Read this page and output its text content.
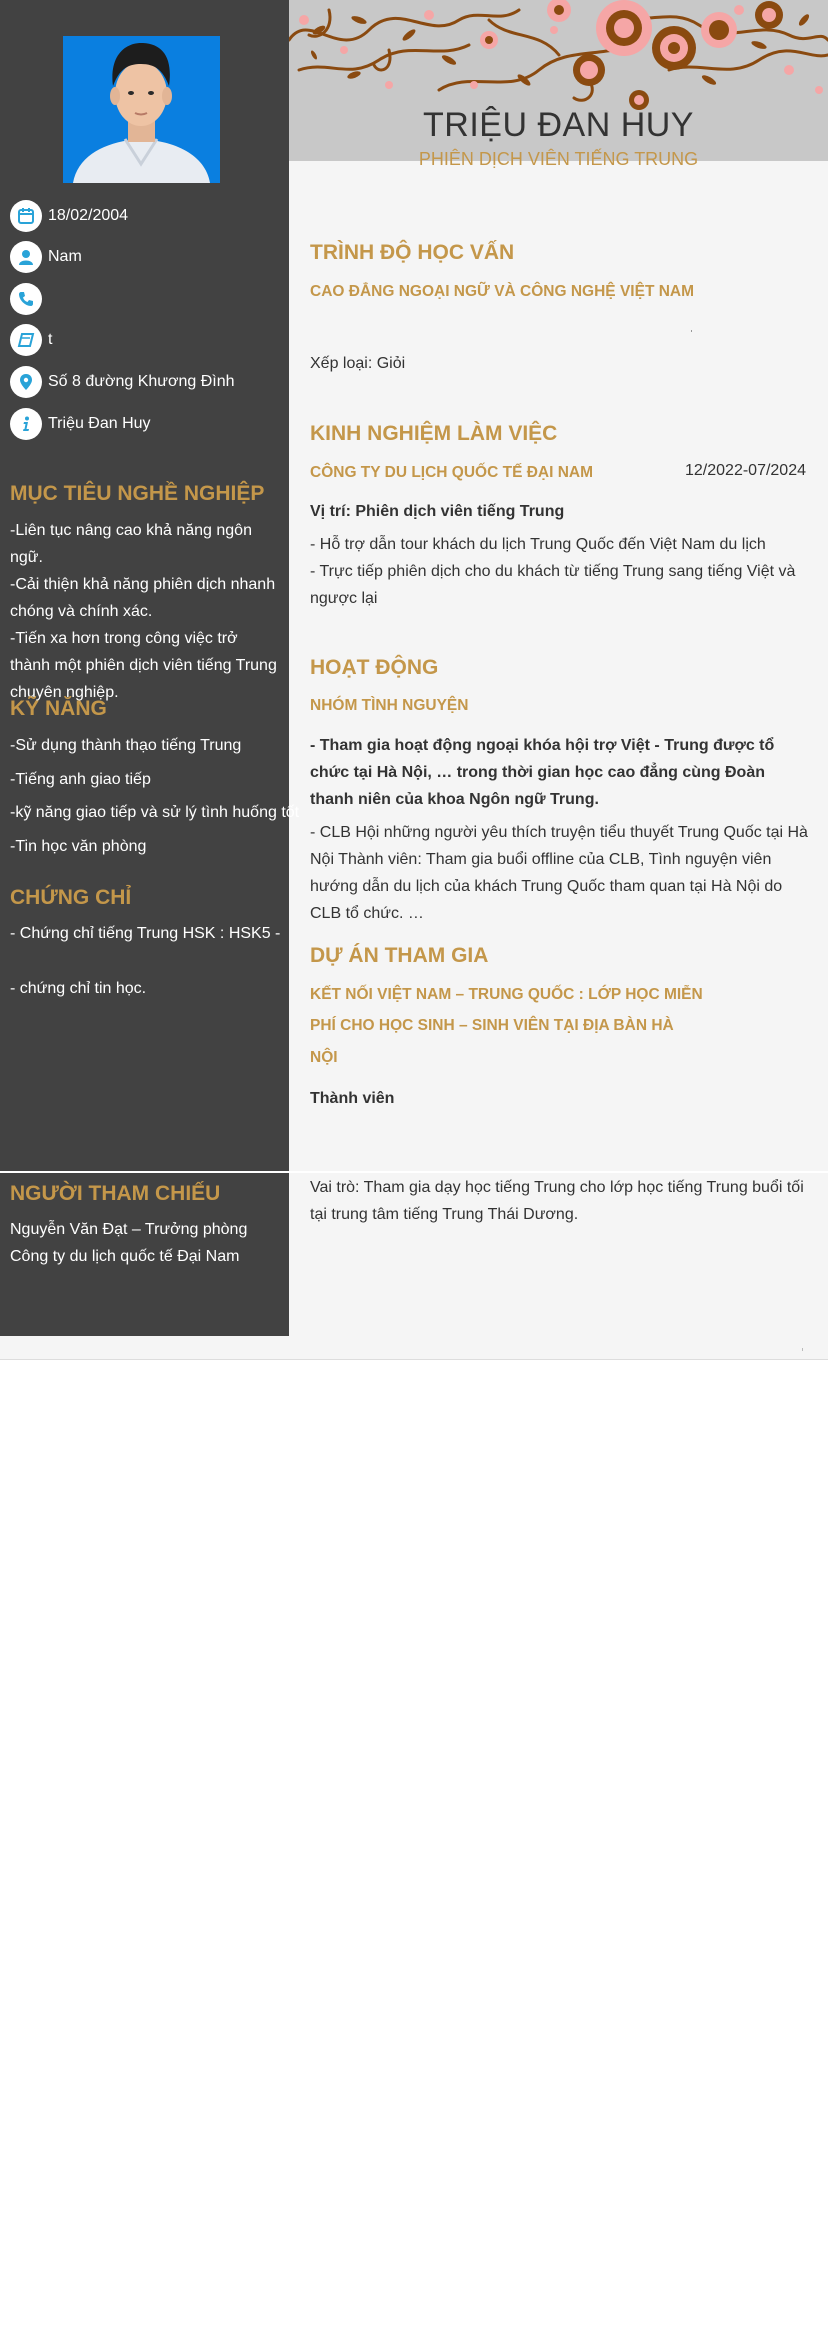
18/02/2004
Nam
t
Số 8 đường Khương Đình
Triệu Đan Huy
MỤC TIÊU NGHỀ NGHIỆP
-Liên tục nâng cao khả năng ngôn ngữ.
-Cải thiện khả năng phiên dịch nhanh chóng và chính xác.
-Tiến xa hơn trong công việc trở thành một phiên dịch viên tiếng Trung chuyên nghiệp.
KỸ NĂNG
-Sử dụng thành thạo tiếng Trung
-Tiếng anh giao tiếp
-kỹ năng giao tiếp và sử lý tình huống tốt
-Tin học văn phòng
CHỨNG CHỈ
- Chứng chỉ tiếng Trung HSK : HSK5 -
- chứng chỉ tin học.
TRIỆU ĐAN HUY
PHIÊN DỊCH VIÊN TIẾNG TRUNG
TRÌNH ĐỘ HỌC VẤN
CAO ĐẲNG NGOẠI NGỮ VÀ CÔNG NGHỆ VIỆT NAM
Xếp loại: Giỏi
KINH NGHIỆM LÀM VIỆC
CÔNG TY DU LỊCH QUỐC TẾ ĐẠI NAM	12/2022-07/2024
Vị trí: Phiên dịch viên tiếng Trung
- Hỗ trợ dẫn tour khách du lịch Trung Quốc đến Việt Nam du lịch
- Trực tiếp phiên dịch cho du khách từ tiếng Trung sang tiếng Việt và ngược lại
HOẠT ĐỘNG
NHÓM TÌNH NGUYỆN
- Tham gia hoạt động ngoại khóa hội trợ Việt - Trung được tổ chức tại Hà Nội, … trong thời gian học cao đẳng cùng Đoàn thanh niên của khoa Ngôn ngữ Trung.
- CLB Hội những người yêu thích truyện tiểu thuyết Trung Quốc tại Hà Nội Thành viên: Tham gia buổi offline của CLB, Tình nguyện viên hướng dẫn du lịch của khách Trung Quốc tham quan tại Hà Nội do CLB tổ chức. …
DỰ ÁN THAM GIA
KẾT NỐI VIỆT NAM – TRUNG QUỐC : LỚP HỌC MIỄN
PHÍ CHO HỌC SINH – SINH VIÊN TẠI ĐỊA BÀN HÀ
NỘI
Thành viên
NGƯỜI THAM CHIẾU
Nguyễn Văn Đạt – Trưởng phòng
Công ty du lịch quốc tế Đại Nam
Vai trò: Tham gia dạy học tiếng Trung cho lớp học tiếng Trung buổi tối tại trung tâm tiếng Trung Thái Dương.
